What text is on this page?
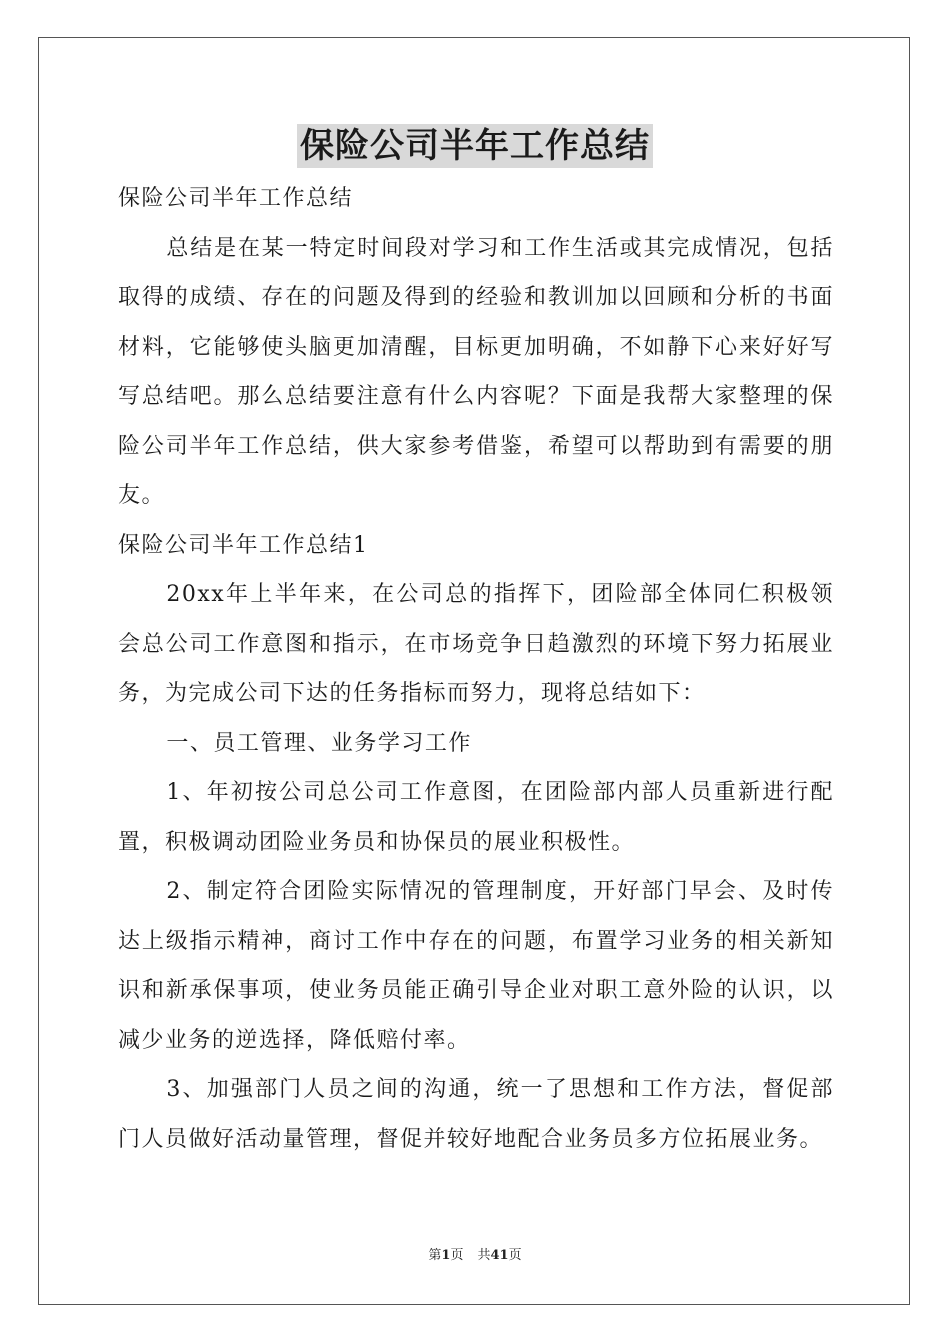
保险公司半年工作总结

保险公司半年工作总结

总结是在某一特定时间段对学习和工作生活或其完成情况，包括取得的成绩、存在的问题及得到的经验和教训加以回顾和分析的书面材料，它能够使头脑更加清醒，目标更加明确，不如静下心来好好写写总结吧。那么总结要注意有什么内容呢？下面是我帮大家整理的保险公司半年工作总结，供大家参考借鉴，希望可以帮助到有需要的朋友。

保险公司半年工作总结1

20xx年上半年来，在公司总的指挥下，团险部全体同仁积极领会总公司工作意图和指示，在市场竞争日趋激烈的环境下努力拓展业务，为完成公司下达的任务指标而努力，现将总结如下：

一、员工管理、业务学习工作

1、年初按公司总公司工作意图，在团险部内部人员重新进行配置，积极调动团险业务员和协保员的展业积极性。

2、制定符合团险实际情况的管理制度，开好部门早会、及时传达上级指示精神，商讨工作中存在的问题，布置学习业务的相关新知识和新承保事项，使业务员能正确引导企业对职工意外险的认识，以减少业务的逆选择，降低赔付率。

3、加强部门人员之间的沟通，统一了思想和工作方法，督促部门人员做好活动量管理，督促并较好地配合业务员多方位拓展业务。

第1页 共41页
